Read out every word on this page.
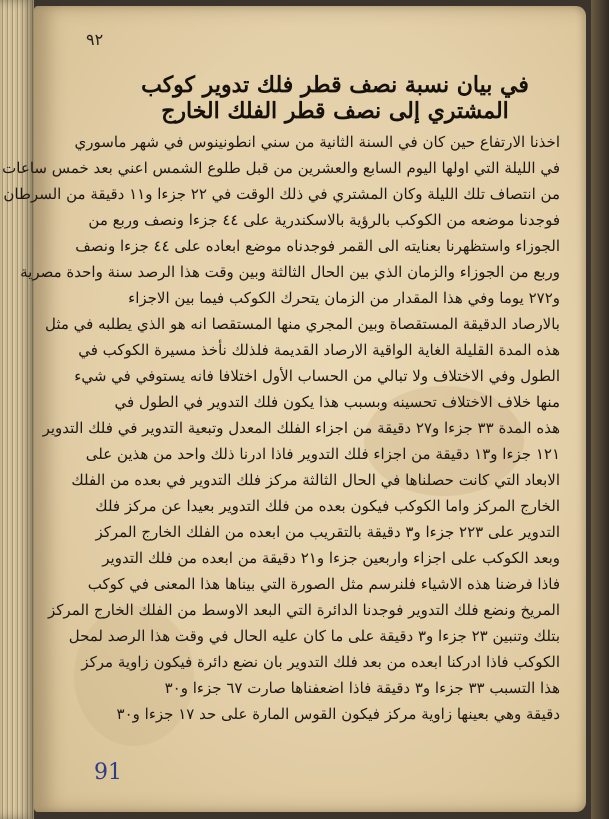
٩٢
في بيان نسبة نصف قطر فلك تدوير كوكب
المشتري إلى نصف قطر الفلك الخارج
اخذنا الارتفاع حين كان في السنة الثانية من سني انطونينوس في شهر ماسوري
في الليلة التي اولها اليوم السابع والعشرين من قبل طلوع الشمس اعني بعد خمس ساعات
من انتصاف تلك الليلة وكان المشتري في ذلك الوقت في ٢٢ جزءا و١١ دقيقة من السرطان
فوجدنا موضعه من الكوكب بالرؤية بالاسكندرية على ٤٤ جزءا ونصف وربع من
الجوزاء واستظهرنا بعنايته الى القمر فوجدناه موضع ابعاده على ٤٤ جزءا ونصف
وربع من الجوزاء والزمان الذي بين الحال الثالثة وبين وقت هذا الرصد سنة واحدة مصرية
و٢٧٢ يوما وفي هذا المقدار من الزمان يتحرك الكوكب فيما بين الاجزاء
بالارصاد الدقيقة المستقصاة وبين المجري منها المستقصا انه هو الذي يطلبه في مثل
هذه المدة القليلة الغاية الواقية الارصاد القديمة فلذلك نأخذ مسيرة الكوكب في
الطول وفي الاختلاف ولا تبالي من الحساب الأول اختلافا فانه يستوفي في شيء
منها خلاف الاختلاف تحسينه وبسبب هذا يكون فلك التدوير في الطول في
هذه المدة ٣٣ جزءا و٢٧ دقيقة من اجزاء الفلك المعدل وتبعية التدوير في فلك التدوير
١٢١ جزءا و١٣ دقيقة من اجزاء فلك التدوير فاذا ادرنا ذلك واحد من هذين على
الابعاد التي كانت حصلناها في الحال الثالثة مركز فلك التدوير في بعده من الفلك
الخارج المركز واما الكوكب فيكون بعده من فلك التدوير بعيدا عن مركز فلك
التدوير على ٢٢٣ جزءا و٣ دقيقة بالتقريب من ابعده من الفلك الخارج المركز
وبعد الكوكب على اجزاء واربعين جزءا و٢١ دقيقة من ابعده من فلك التدوير
فاذا فرضنا هذه الاشياء فلنرسم مثل الصورة التي بيناها هذا المعنى في كوكب
المريخ ونضع فلك التدوير فوجدنا الدائرة التي البعد الاوسط من الفلك الخارج المركز
بتلك وتنبين ٢٣ جزءا و٣ دقيقة على ما كان عليه الحال في وقت هذا الرصد لمحل
الكوكب فاذا ادركنا ابعده من بعد فلك التدوير بان نضع دائرة فيكون زاوية مركز
هذا التسبب ٣٣ جزءا و٣ دقيقة فاذا اضعفناها صارت ٦٧ جزءا و٣٠
دقيقة وهي بعينها زاوية مركز فيكون القوس المارة على حد ١٧ جزءا و٣٠
91
